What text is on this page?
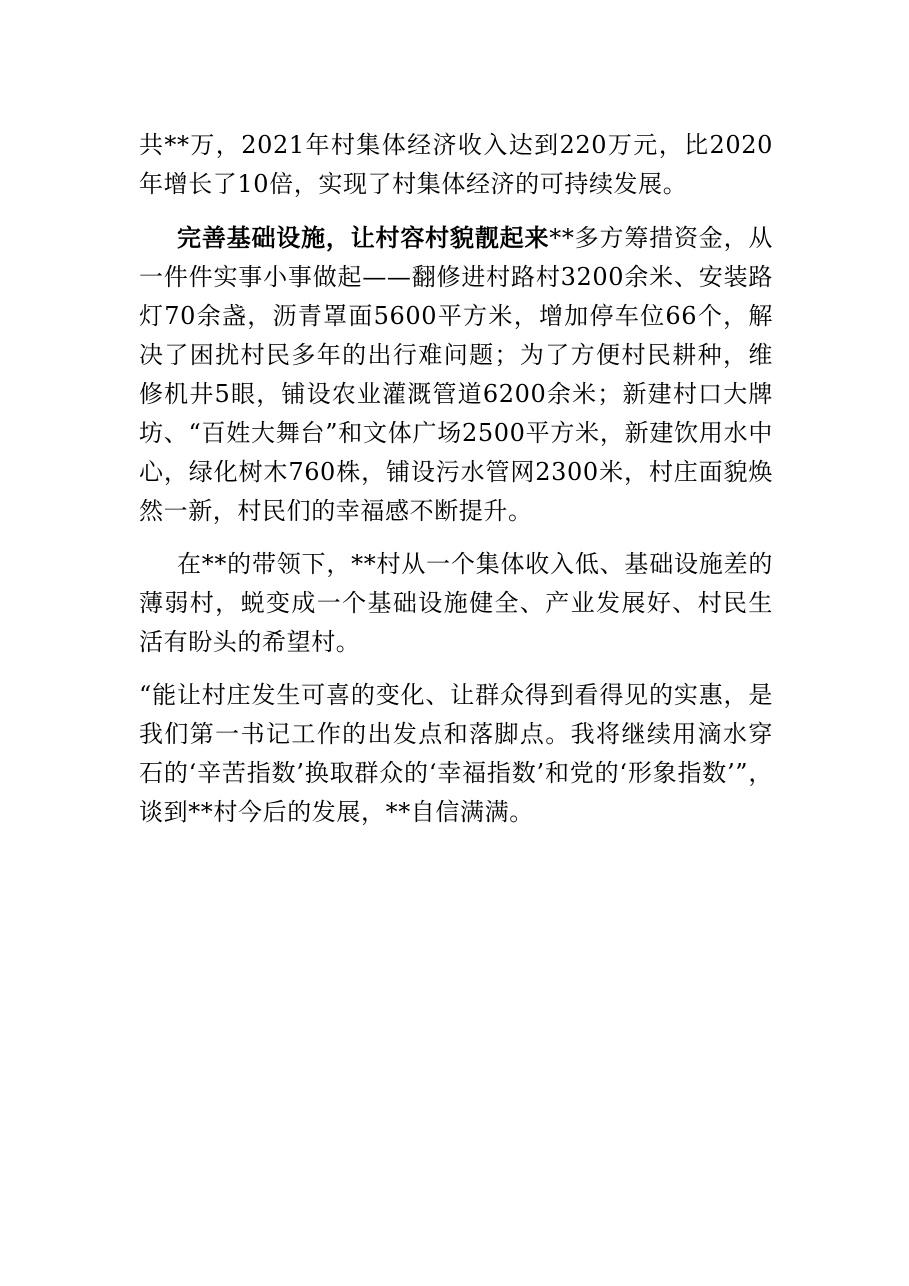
共**万，2021年村集体经济收入达到220万元，比2020年增长了10倍，实现了村集体经济的可持续发展。

完善基础设施，让村容村貌靓起来**多方筹措资金，从一件件实事小事做起——翻修进村路村3200余米、安装路灯70余盏，沥青罩面5600平方米，增加停车位66个，解决了困扰村民多年的出行难问题；为了方便村民耕种，维修机井5眼，铺设农业灌溉管道6200余米；新建村口大牌坊、“百姓大舞台”和文体广场2500平方米，新建饮用水中心，绿化树木760株，铺设污水管网2300米，村庄面貌焕然一新，村民们的幸福感不断提升。

在**的带领下，**村从一个集体收入低、基础设施差的薄弱村，蜕变成一个基础设施健全、产业发展好、村民生活有盼头的希望村。

“能让村庄发生可喜的变化、让群众得到看得见的实惠，是我们第一书记工作的出发点和落脚点。我将继续用滴水穿石的‘辛苦指数’换取群众的‘幸福指数’和党的‘形象指数’”，谈到**村今后的发展，**自信满满。
